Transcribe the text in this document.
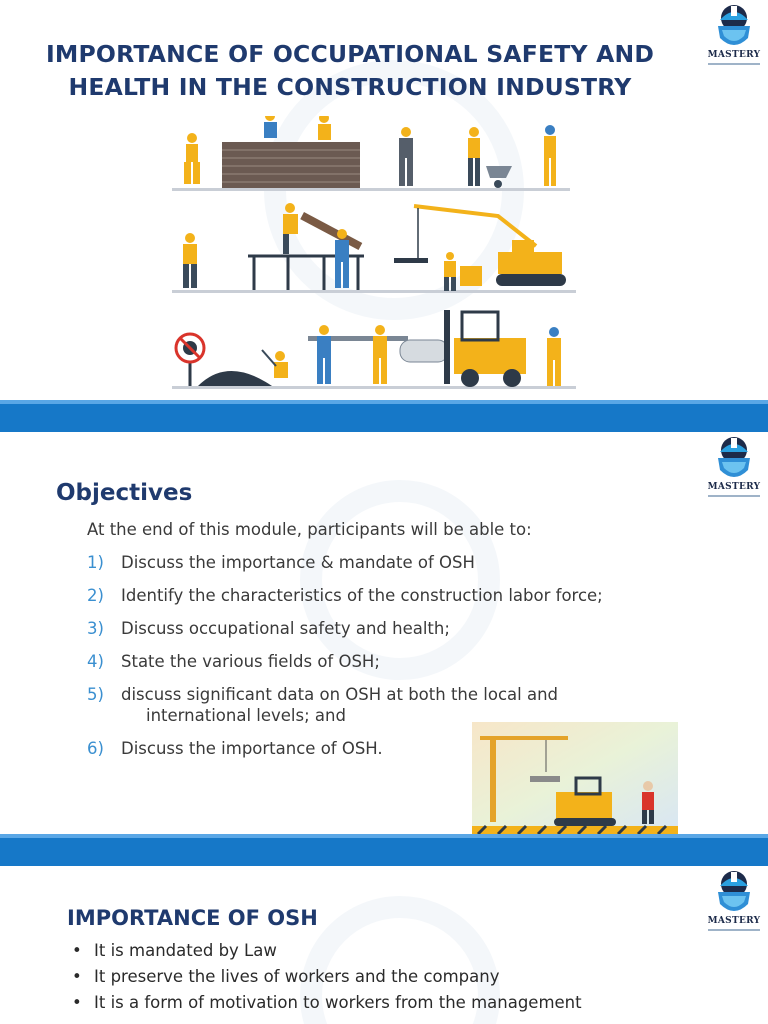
MASTERY
IMPORTANCE OF OCCUPATIONAL SAFETY AND
HEALTH IN THE CONSTRUCTION INDUSTRY
MASTERY
Objectives
At the end of this module, participants will be able to:
1) Discuss the importance & mandate of OSH
2) Identify the characteristics of the construction labor force;
3) Discuss occupational safety and health;
4) State the various fields of OSH;
5) discuss significant data on OSH at both the local and
international levels; and
6) Discuss the importance of OSH.
MASTERY
IMPORTANCE OF OSH
• It is mandated by Law
• It preserve the lives of workers and the company
• It is a form of motivation to workers from the management
